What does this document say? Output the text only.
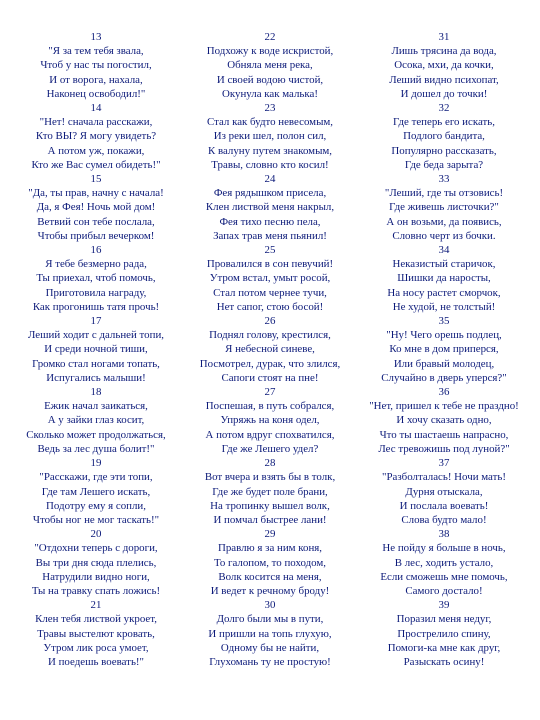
13
"Я за тем тебя звала,
Чтоб у нас ты погостил,
И от ворога, нахала,
Наконец освободил!"
14
"Нет! сначала расскажи,
Кто ВЫ? Я могу увидеть?
А потом уж, покажи,
Кто же Вас сумел обидеть!"
15
"Да, ты прав, начну с начала!
Да, я Фея! Ночь мой дом!
Ветвий сон тебе послала,
Чтобы прибыл вечерком!
16
Я тебе безмерно рада,
Ты приехал, чтоб помочь,
Приготовила награду,
Как прогонишь татя прочь!
17
Леший ходит с дальней топи,
И среди ночной тиши,
Громко стал ногами топать,
Испугались малыши!
18
Ежик начал заикаться,
А у зайки глаз косит,
Сколько может продолжаться,
Ведь за лес душа болит!"
19
"Расскажи, где эти топи,
Где там Лешего искать,
Подотру ему я сопли,
Чтобы ног не мог таскать!"
20
"Отдохни теперь с дороги,
Вы три дня сюда плелись,
Натрудили видно ноги,
Ты на травку спать ложись!
21
Клен тебя листвой укроет,
Травы выстелют кровать,
Утром лик роса умоет,
И поедешь воевать!"
22
Подхожу к воде искристой,
Обняла меня река,
И своей водою чистой,
Окунула как малька!
23
Стал как будто невесомым,
Из реки шел, полон сил,
К валуну путем знакомым,
Травы, словно кто косил!
24
Фея рядышком присела,
Клен листвой меня накрыл,
Фея тихо песню пела,
Запах трав меня пьянил!
25
Провалился в сон певучий!
Утром встал, умыт росой,
Стал потом чернее тучи,
Нет сапог, стою босой!
26
Поднял голову, крестился,
Я небесной синеве,
Посмотрел, дурак, что злился,
Сапоги стоят на пне!
27
Поспешая, в путь собрался,
Упряжь на коня одел,
А потом вдруг спохватился,
Где же Лешего удел?
28
Вот вчера и взять бы в толк,
Где же будет поле брани,
На тропинку вышел волк,
И помчал быстрее лани!
29
Правлю я за ним коня,
То галопом, то походом,
Волк косится на меня,
И ведет к речному броду!
30
Долго были мы в пути,
И пришли на топь глухую,
Одному бы не найти,
Глухомань ту не простую!
31
Лишь трясина да вода,
Осока, мхи, да кочки,
Леший видно психопат,
И дошел до точки!
32
Где теперь его искать,
Подлого бандита,
Популярно рассказать,
Где беда зарыта?
33
"Леший, где ты отзовись!
Где живешь листочки?"
А он возьми, да появись,
Словно черт из бочки.
34
Неказистый старичок,
Шишки да наросты,
На носу растет сморчок,
Не худой, не толстый!
35
"Ну! Чего орешь подлец,
Ко мне в дом приперся,
Или бравый молодец,
Случайно в дверь уперся?"
36
"Нет, пришел к тебе не праздно!
И хочу сказать одно,
Что ты шастаешь напрасно,
Лес тревожишь под луной?"
37
"Разболталась! Ночи мать!
Дурня отыскала,
И послала воевать!
Слова будто мало!
38
Не пойду я больше в ночь,
В лес, ходить устало,
Если сможешь мне помочь,
Самого достало!
39
Поразил меня недуг,
Прострелило спину,
Помоги-ка мне как друг,
Разыскать осину!
